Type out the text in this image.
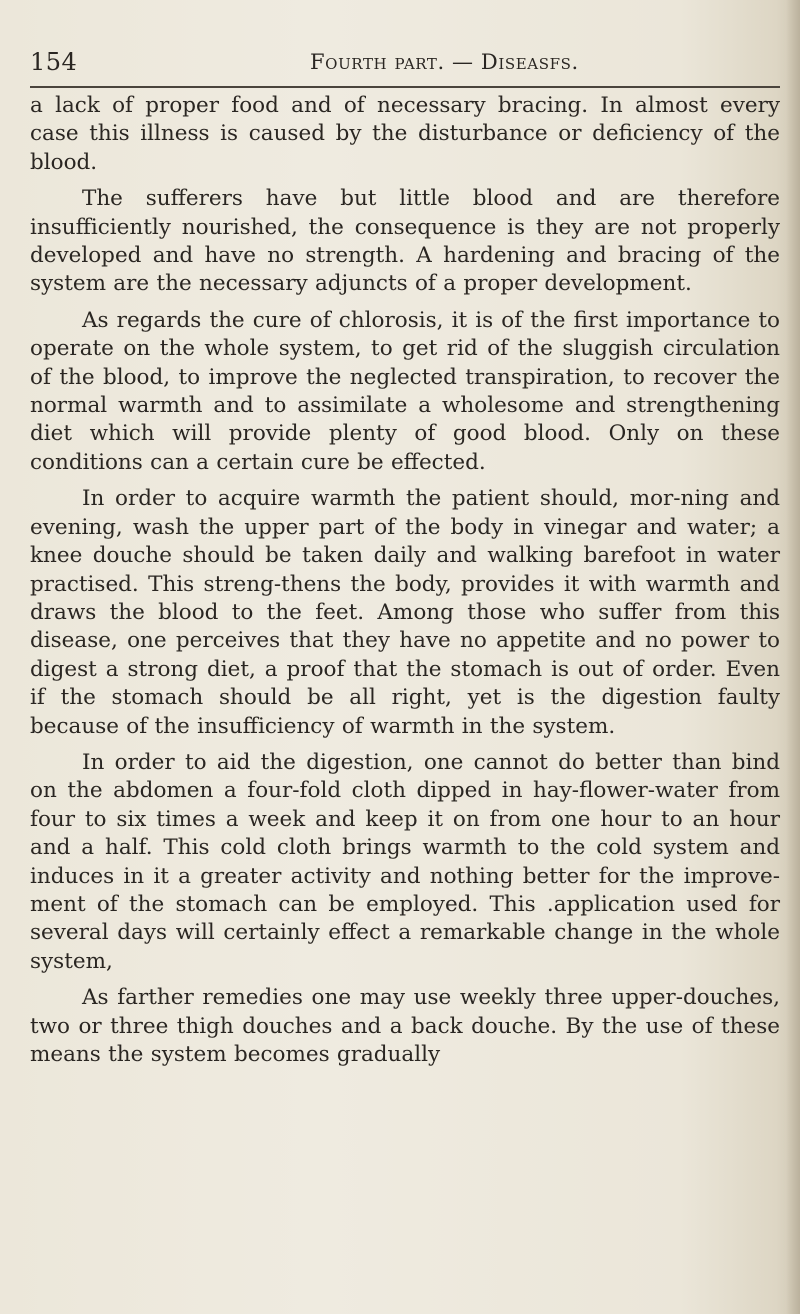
154	Fourth part. — Diseasfs.

a lack of proper food and of necessary bracing. In almost every case this illness is caused by the disturbance or deficiency of the blood.

The sufferers have but little blood and are therefore insufficiently nourished, the consequence is they are not properly developed and have no strength. A hardening and bracing of the system are the necessary adjuncts of a proper development.

As regards the cure of chlorosis, it is of the first importance to operate on the whole system, to get rid of the sluggish circulation of the blood, to improve the neglected transpiration, to recover the normal warmth and to assimilate a wholesome and strengthening diet which will provide plenty of good blood. Only on these conditions can a certain cure be effected.

In order to acquire warmth the patient should, mor-ning and evening, wash the upper part of the body in vinegar and water; a knee douche should be taken daily and walking barefoot in water practised. This streng-thens the body, provides it with warmth and draws the blood to the feet. Among those who suffer from this disease, one perceives that they have no appetite and no power to digest a strong diet, a proof that the stomach is out of order. Even if the stomach should be all right, yet is the digestion faulty because of the insufficiency of warmth in the system.

In order to aid the digestion, one cannot do better than bind on the abdomen a four-fold cloth dipped in hay-flower-water from four to six times a week and keep it on from one hour to an hour and a half. This cold cloth brings warmth to the cold system and induces in it a greater activity and nothing better for the improve-ment of the stomach can be employed. This .application used for several days will certainly effect a remarkable change in the whole system,

As farther remedies one may use weekly three upper-douches, two or three thigh douches and a back douche. By the use of these means the system becomes gradually
